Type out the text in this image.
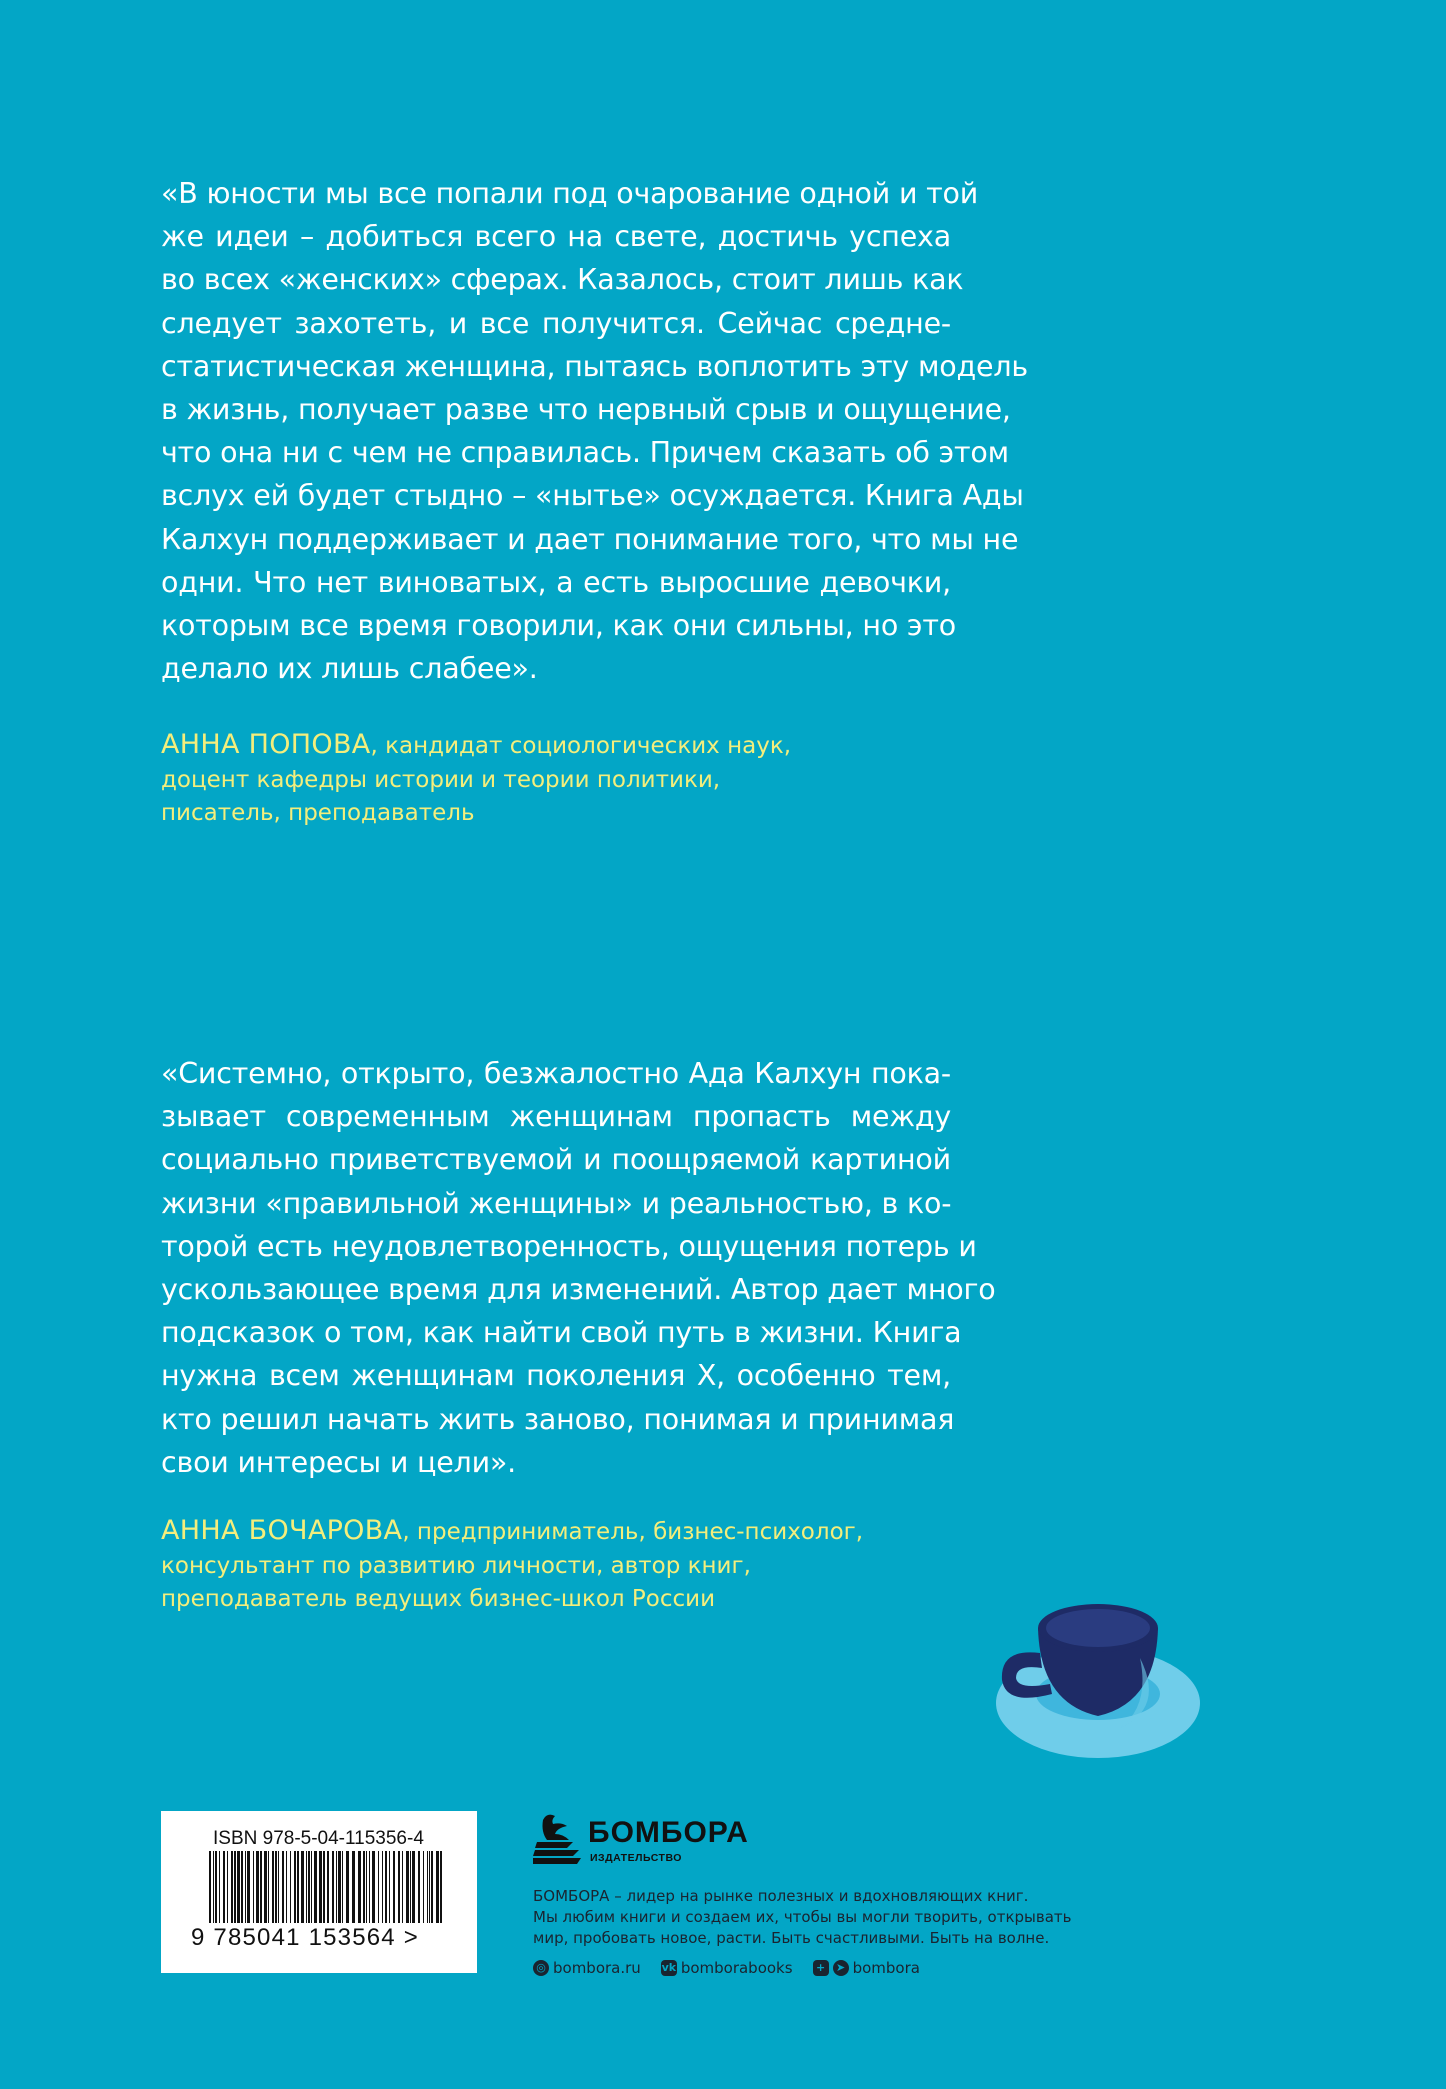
«В юности мы все попали под очарование одной и той
же идеи – добиться всего на свете, достичь успеха
во всех «женских» сферах. Казалось, стоит лишь как
следует захотеть, и все получится. Сейчас средне-
статистическая женщина, пытаясь воплотить эту модель
в жизнь, получает разве что нервный срыв и ощущение,
что она ни с чем не справилась. Причем сказать об этом
вслух ей будет стыдно – «нытье» осуждается. Книга Ады
Калхун поддерживает и дает понимание того, что мы не
одни. Что нет виноватых, а есть выросшие девочки,
которым все время говорили, как они сильны, но это
делало их лишь слабее».
АННА ПОПОВА, кандидат социологических наук,
доцент кафедры истории и теории политики,
писатель, преподаватель
«Системно, открыто, безжалостно Ада Калхун пока-
зывает современным женщинам пропасть между
социально приветствуемой и поощряемой картиной
жизни «правильной женщины» и реальностью, в ко-
торой есть неудовлетворенность, ощущения потерь и
ускользающее время для изменений. Автор дает много
подсказок о том, как найти свой путь в жизни. Книга
нужна всем женщинам поколения X, особенно тем,
кто решил начать жить заново, понимая и принимая
свои интересы и цели».
АННА БОЧАРОВА, предприниматель, бизнес-психолог,
консультант по развитию личности, автор книг,
преподаватель ведущих бизнес-школ России
ISBN 978-5-04-115356-4
9 785041 153564 >
БОМБОРА
ИЗДАТЕЛЬСТВО
БОМБОРА – лидер на рынке полезных и вдохновляющих книг.
Мы любим книги и создаем их, чтобы вы могли творить, открывать
мир, пробовать новое, расти. Быть счастливыми. Быть на волне.
◎ bombora.ru vk bomborabooks	+ ➤ bombora
